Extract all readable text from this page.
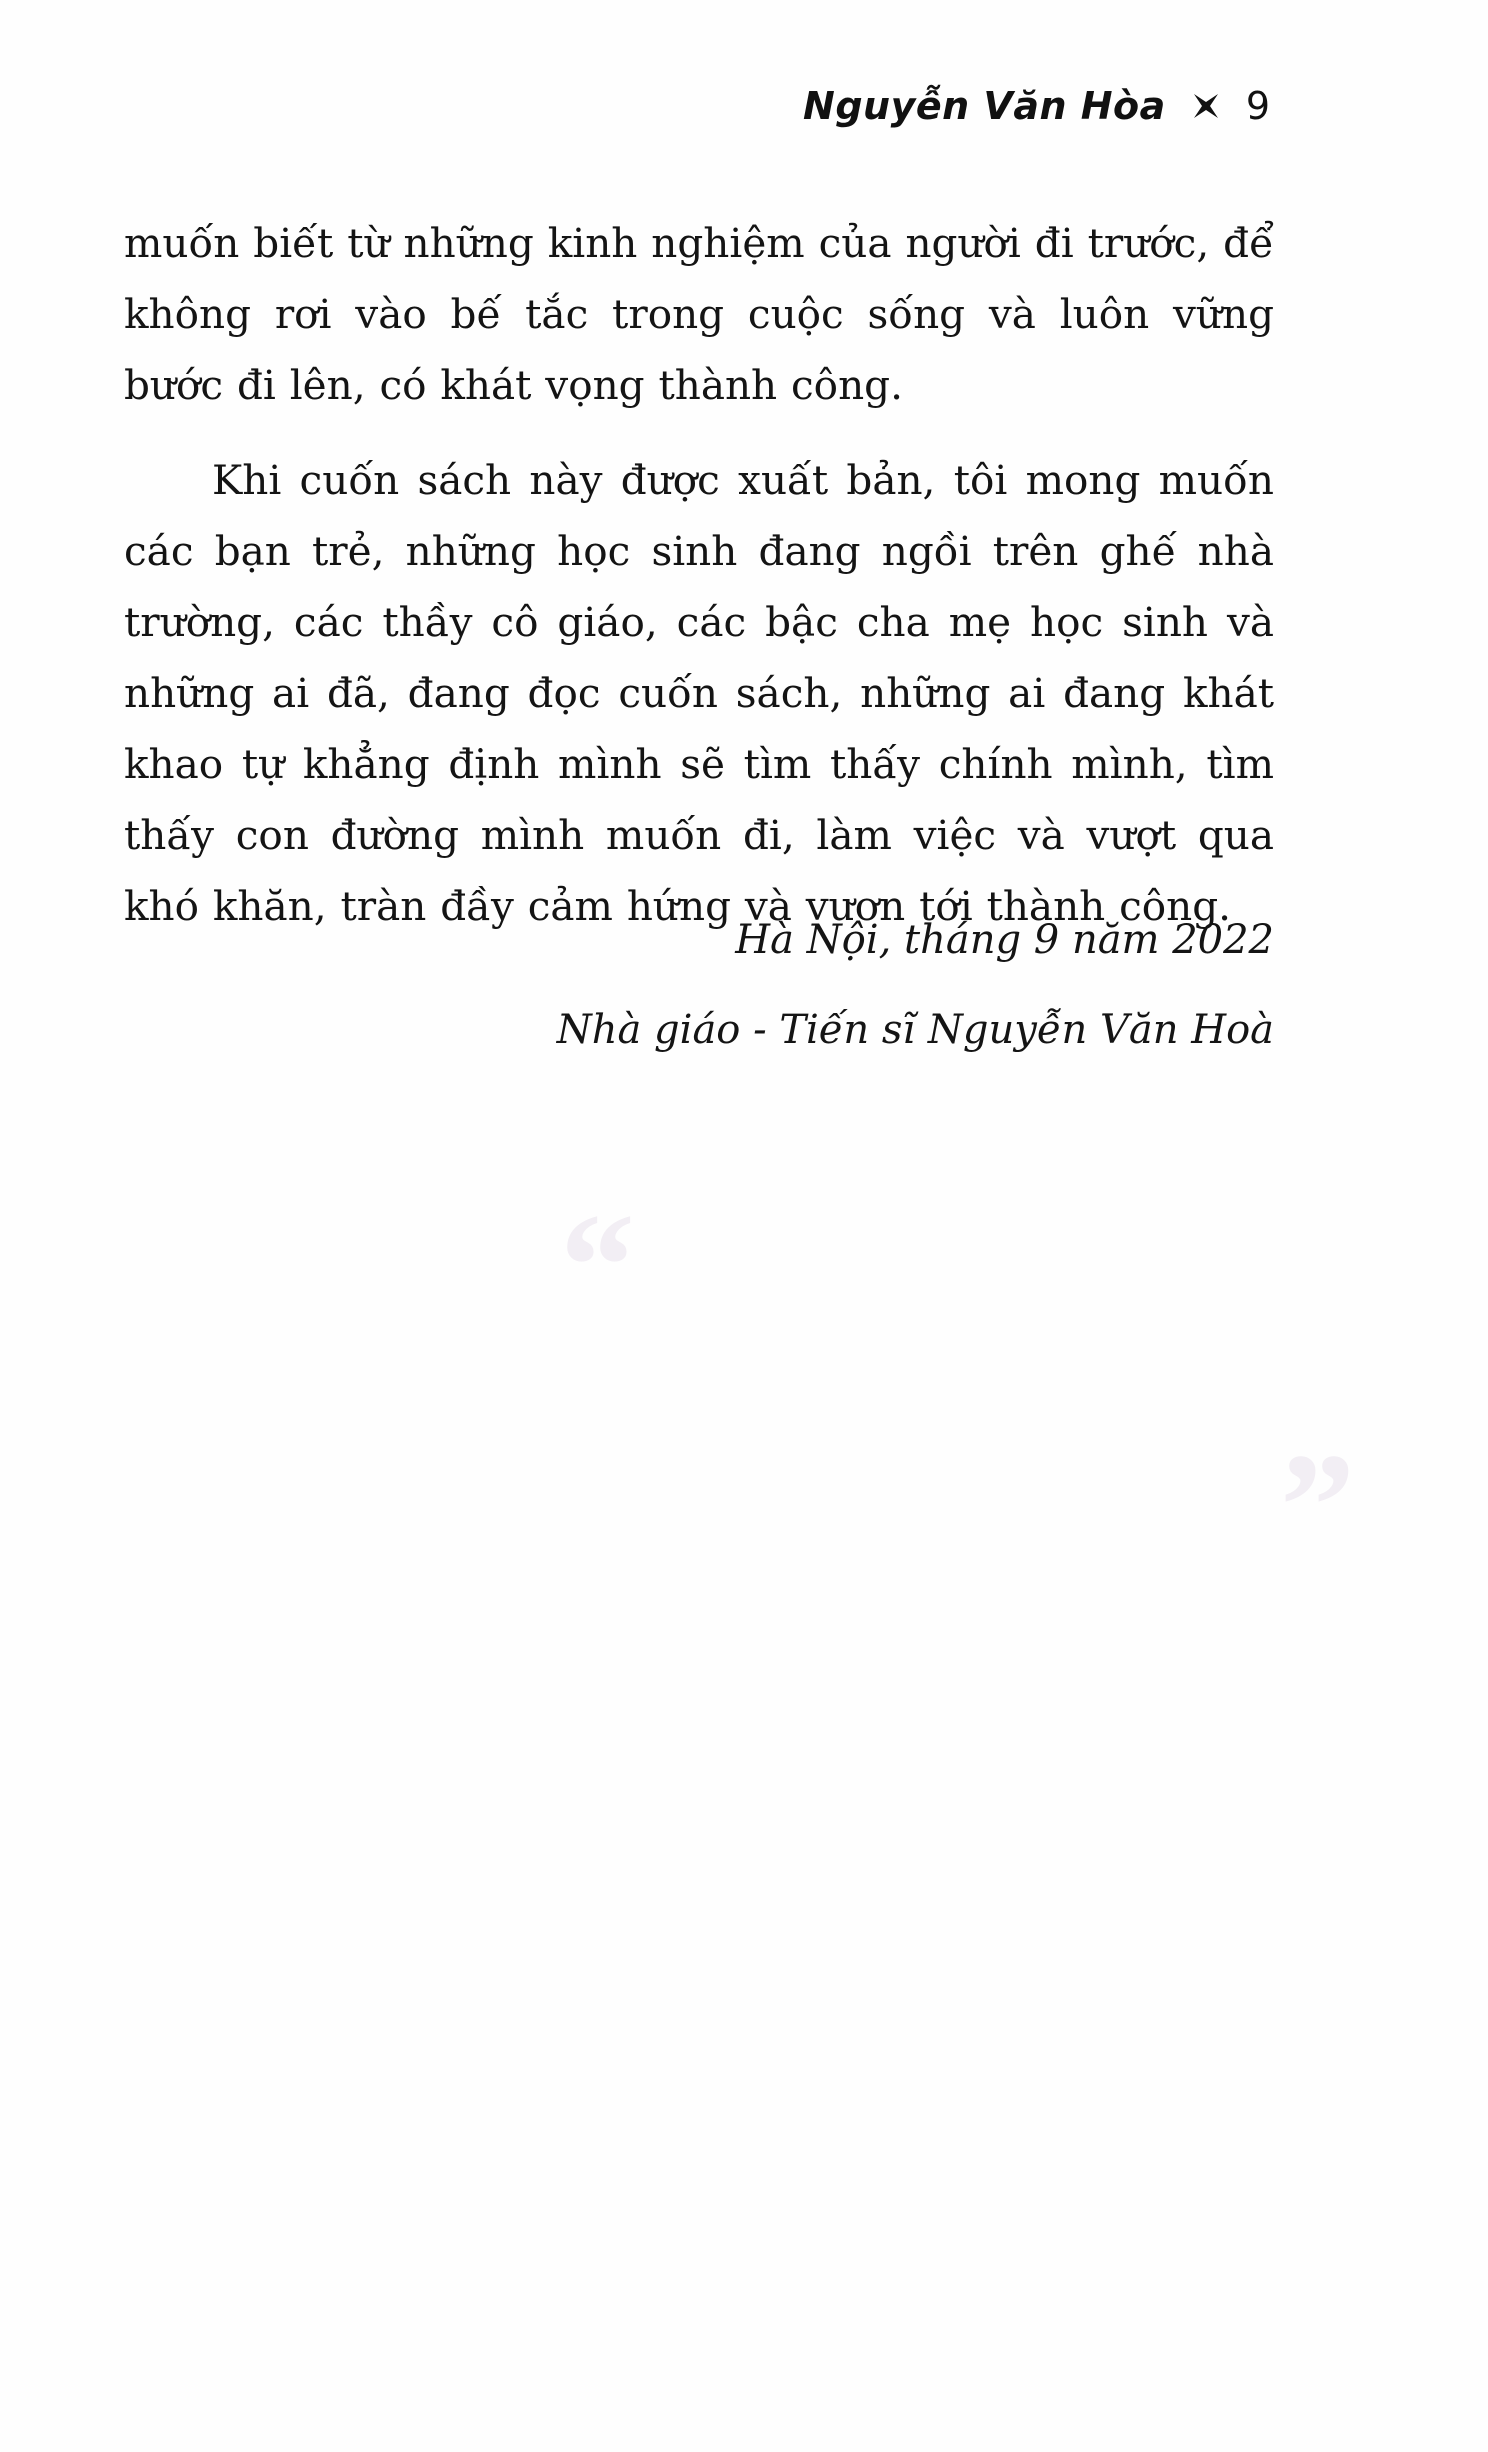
​
“
”
Nguyễn Văn Hòa 9

muốn biết từ những kinh nghiệm của người đi trước, để không rơi vào bế tắc trong cuộc sống và luôn vững bước đi lên, có khát vọng thành công.

Khi cuốn sách này được xuất bản, tôi mong muốn các bạn trẻ, những học sinh đang ngồi trên ghế nhà trường, các thầy cô giáo, các bậc cha mẹ học sinh và những ai đã, đang đọc cuốn sách, những ai đang khát khao tự khẳng định mình sẽ tìm thấy chính mình, tìm thấy con đường mình muốn đi, làm việc và vượt qua khó khăn, tràn đầy cảm hứng và vươn tới thành công.

Hà Nội, tháng 9 năm 2022
Nhà giáo - Tiến sĩ Nguyễn Văn Hoà
